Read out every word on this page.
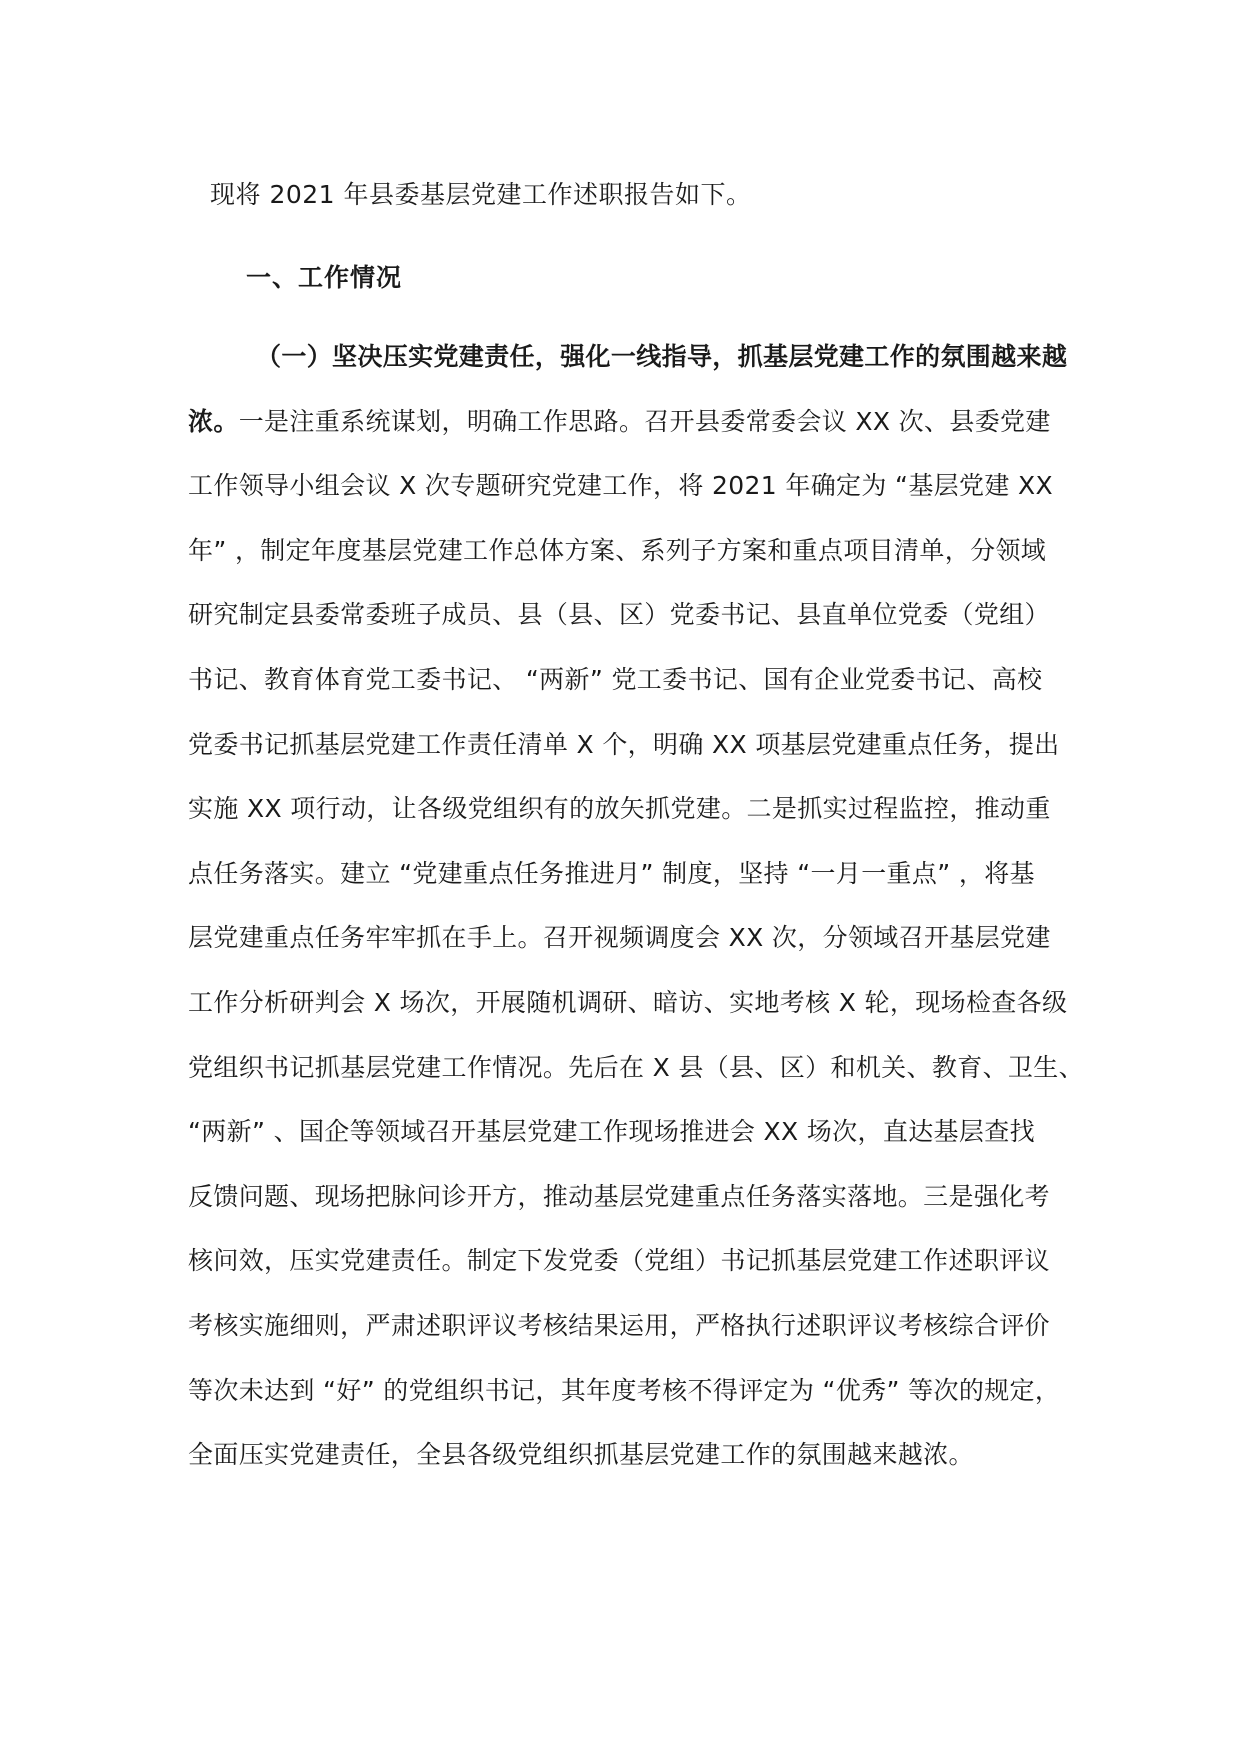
现将 2021 年县委基层党建工作述职报告如下。
一、工作情况
（一）坚决压实党建责任，强化一线指导，抓基层党建工作的氛围越来越
浓。一是注重系统谋划，明确工作思路。召开县委常委会议 XX 次、县委党建
工作领导小组会议 X 次专题研究党建工作，将 2021 年确定为 “基层党建 XX
年” ，制定年度基层党建工作总体方案、系列子方案和重点项目清单，分领域
研究制定县委常委班子成员、县（县、区）党委书记、县直单位党委（党组）
书记、教育体育党工委书记、 “两新” 党工委书记、国有企业党委书记、高校
党委书记抓基层党建工作责任清单 X 个，明确 XX 项基层党建重点任务，提出
实施 XX 项行动，让各级党组织有的放矢抓党建。二是抓实过程监控，推动重
点任务落实。建立 “党建重点任务推进月” 制度，坚持 “一月一重点” ，将基
层党建重点任务牢牢抓在手上。召开视频调度会 XX 次，分领域召开基层党建
工作分析研判会 X 场次，开展随机调研、暗访、实地考核 X 轮，现场检查各级
党组织书记抓基层党建工作情况。先后在 X 县（县、区）和机关、教育、卫生、
“两新” 、国企等领域召开基层党建工作现场推进会 XX 场次，直达基层查找
反馈问题、现场把脉问诊开方，推动基层党建重点任务落实落地。三是强化考
核问效，压实党建责任。制定下发党委（党组）书记抓基层党建工作述职评议
考核实施细则，严肃述职评议考核结果运用，严格执行述职评议考核综合评价
等次未达到 “好” 的党组织书记，其年度考核不得评定为 “优秀” 等次的规定，
全面压实党建责任，全县各级党组织抓基层党建工作的氛围越来越浓。
